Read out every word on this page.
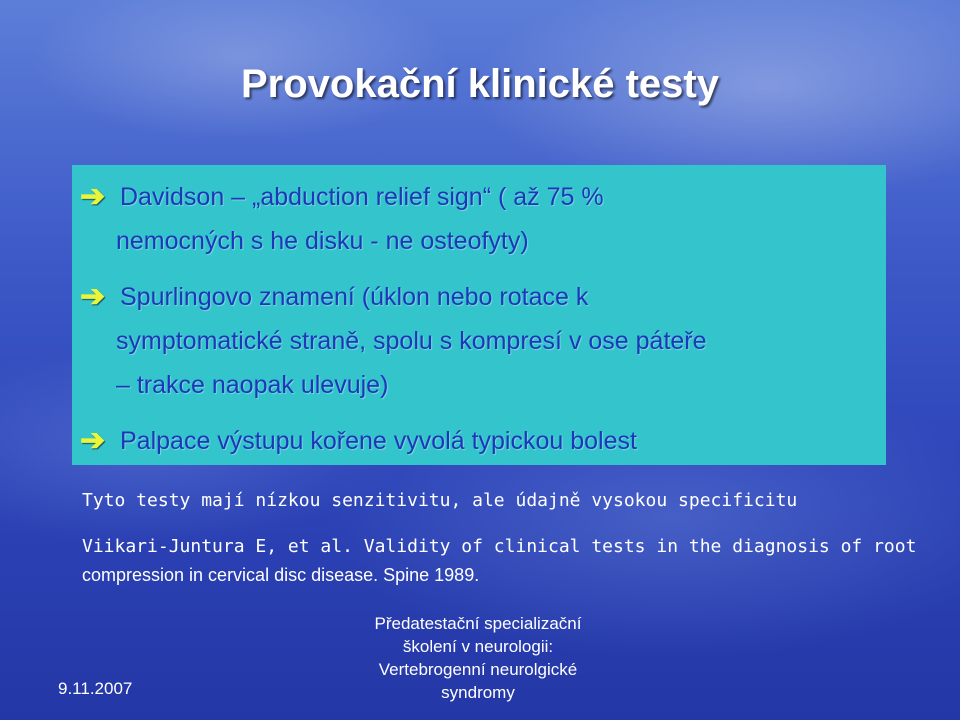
Provokační klinické testy
➔ Davidson – „abduction relief sign“ ( až 75 %
nemocných s he disku - ne osteofyty)
➔ Spurlingovo znamení (úklon nebo rotace k
symptomatické straně, spolu s kompresí v ose páteře
– trakce naopak ulevuje)
➔ Palpace výstupu kořene vyvolá typickou bolest
Tyto testy mají nízkou senzitivitu, ale údajně vysokou specificitu
Viikari-Juntura E, et al. Validity of clinical tests in the diagnosis of root
compression in cervical disc disease. Spine 1989.
Předatestační specializační
školení v neurologii:
Vertebrogenní neurolgické
syndromy
9.11.2007
